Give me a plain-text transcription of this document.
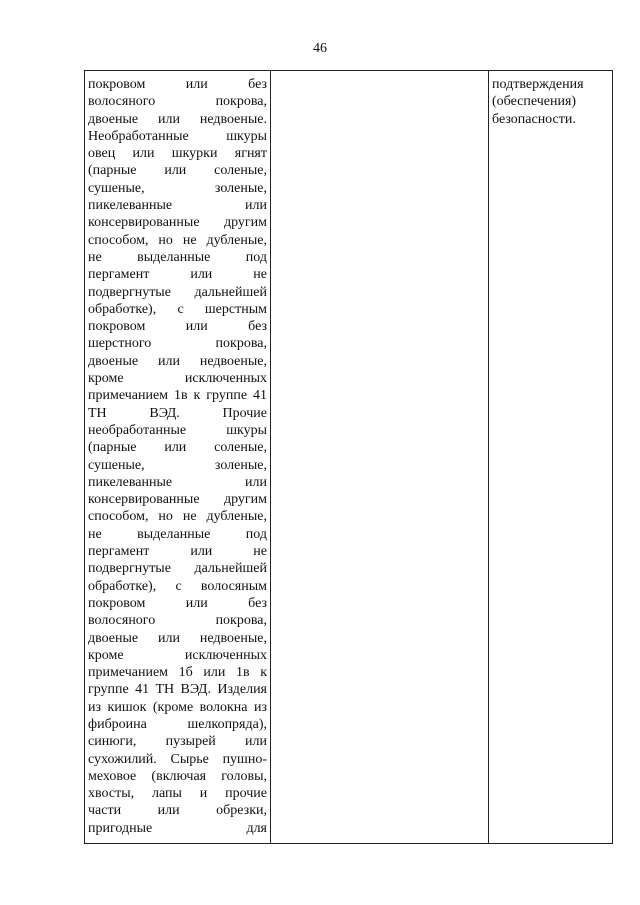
46
покровом или без
волосяного покрова,
двоеные или недвоеные.
Необработанные шкуры
овец или шкурки ягнят
(парные или соленые,
сушеные, золеные,
пикелеванные или
консервированные другим
способом, но не дубленые,
не выделанные под
пергамент или не
подвергнутые дальнейшей
обработке), с шерстным
покровом или без
шерстного покрова,
двоеные или недвоеные,
кроме исключенных
примечанием 1в к группе 41
ТН ВЭД. Прочие
необработанные шкуры
(парные или соленые,
сушеные, золеные,
пикелеванные или
консервированные другим
способом, но не дубленые,
не выделанные под
пергамент или не
подвергнутые дальнейшей
обработке), с волосяным
покровом или без
волосяного покрова,
двоеные или недвоеные,
кроме исключенных
примечанием 1б или 1в к
группе 41 ТН ВЭД. Изделия
из кишок (кроме волокна из
фиброина шелкопряда),
синюги, пузырей или
сухожилий. Сырье пушно-
меховое (включая головы,
хвосты, лапы и прочие
части или обрезки,
пригодные для
подтверждения
(обеспечения)
безопасности.
